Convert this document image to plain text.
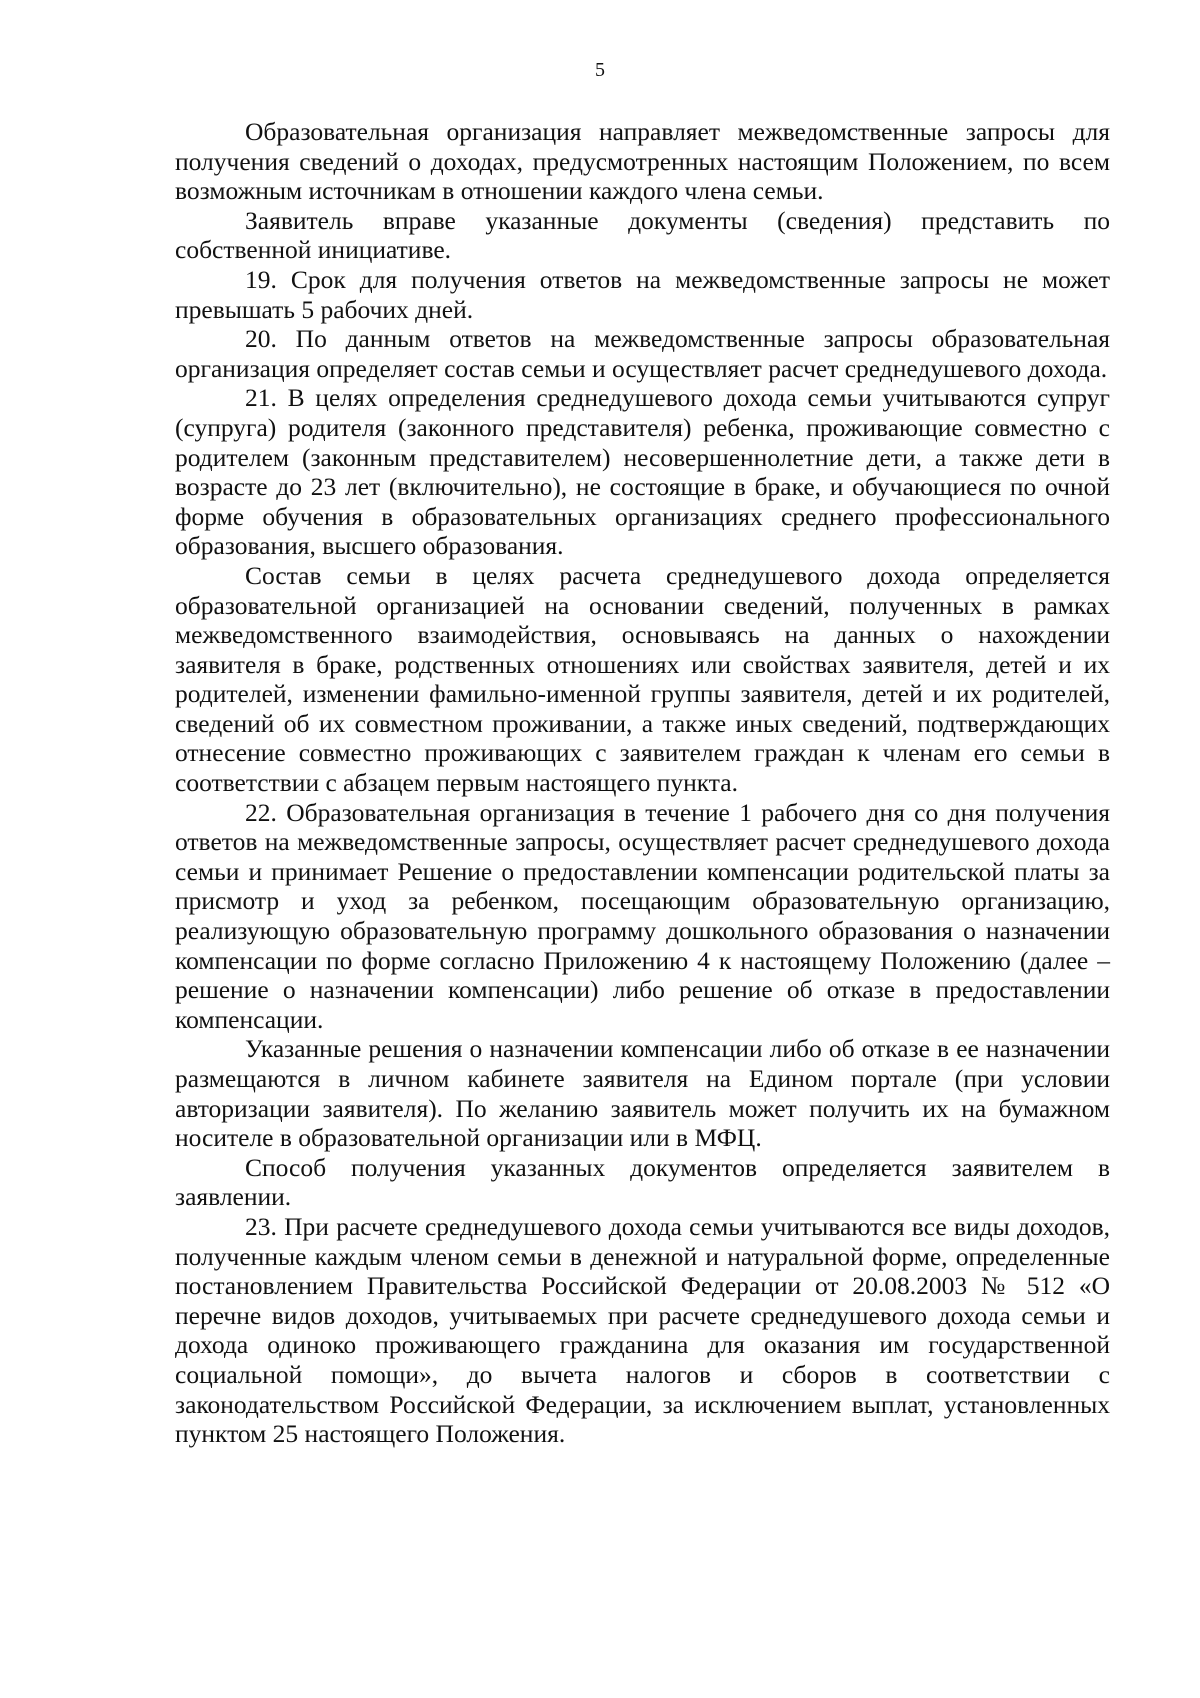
5

Образовательная организация направляет межведомственные запросы для получения сведений о доходах, предусмотренных настоящим Положением, по всем возможным источникам в отношении каждого члена семьи.

Заявитель вправе указанные документы (сведения) представить по собственной инициативе.

19. Срок для получения ответов на межведомственные запросы не может превышать 5 рабочих дней.

20. По данным ответов на межведомственные запросы образовательная организация определяет состав семьи и осуществляет расчет среднедушевого дохода.

21. В целях определения среднедушевого дохода семьи учитываются супруг (супруга) родителя (законного представителя) ребенка, проживающие совместно с родителем (законным представителем) несовершеннолетние дети, а также дети в возрасте до 23 лет (включительно), не состоящие в браке, и обучающиеся по очной форме обучения в образовательных организациях среднего профессионального образования, высшего образования.

Состав семьи в целях расчета среднедушевого дохода определяется образовательной организацией на основании сведений, полученных в рамках межведомственного взаимодействия, основываясь на данных о нахождении заявителя в браке, родственных отношениях или свойствах заявителя, детей и их родителей, изменении фамильно-именной группы заявителя, детей и их родителей, сведений об их совместном проживании, а также иных сведений, подтверждающих отнесение совместно проживающих с заявителем граждан к членам его семьи в соответствии с абзацем первым настоящего пункта.

22. Образовательная организация в течение 1 рабочего дня со дня получения ответов на межведомственные запросы, осуществляет расчет среднедушевого дохода семьи и принимает Решение о предоставлении компенсации родительской платы за присмотр и уход за ребенком, посещающим образовательную организацию, реализующую образовательную программу дошкольного образования о назначении компенсации по форме согласно Приложению 4 к настоящему Положению (далее – решение о назначении компенсации) либо решение об отказе в предоставлении компенсации.

Указанные решения о назначении компенсации либо об отказе в ее назначении размещаются в личном кабинете заявителя на Едином портале (при условии авторизации заявителя). По желанию заявитель может получить их на бумажном носителе в образовательной организации или в МФЦ.

Способ получения указанных документов определяется заявителем в заявлении.

23. При расчете среднедушевого дохода семьи учитываются все виды доходов, полученные каждым членом семьи в денежной и натуральной форме, определенные постановлением Правительства Российской Федерации от 20.08.2003 № 512 «О перечне видов доходов, учитываемых при расчете среднедушевого дохода семьи и дохода одиноко проживающего гражданина для оказания им государственной социальной помощи», до вычета налогов и сборов в соответствии с законодательством Российской Федерации, за исключением выплат, установленных пунктом 25 настоящего Положения.
